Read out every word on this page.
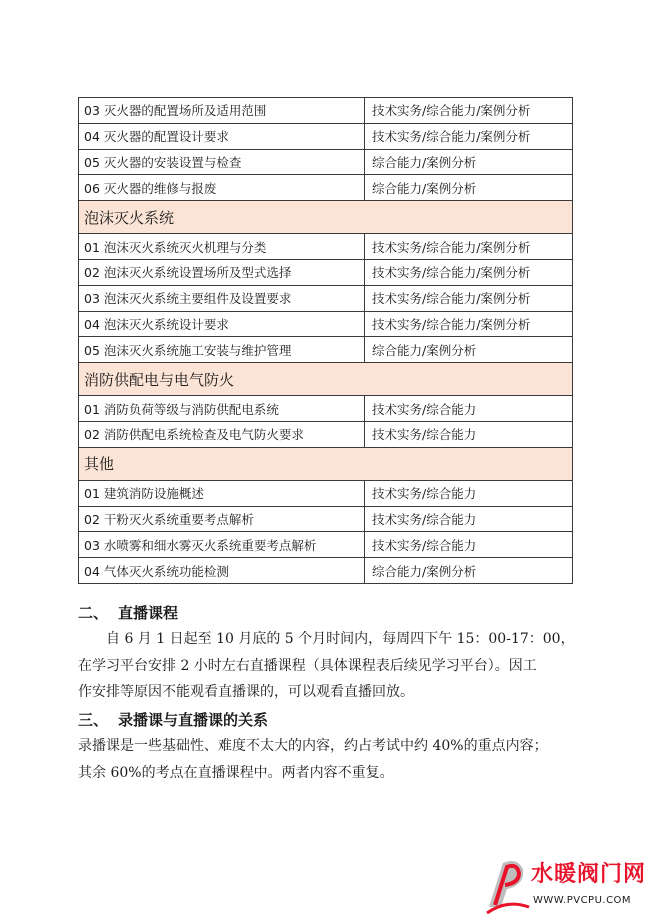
03 灭火器的配置场所及适用范围	技术实务/综合能力/案例分析
04 灭火器的配置设计要求	技术实务/综合能力/案例分析
05 灭火器的安装设置与检查	综合能力/案例分析
06 灭火器的维修与报废	综合能力/案例分析
泡沫灭火系统	
01 泡沫灭火系统灭火机理与分类	技术实务/综合能力/案例分析
02 泡沫灭火系统设置场所及型式选择	技术实务/综合能力/案例分析
03 泡沫灭火系统主要组件及设置要求	技术实务/综合能力/案例分析
04 泡沫灭火系统设计要求	技术实务/综合能力/案例分析
05 泡沫灭火系统施工安装与维护管理	综合能力/案例分析
消防供配电与电气防火	
01 消防负荷等级与消防供配电系统	技术实务/综合能力
02 消防供配电系统检查及电气防火要求	技术实务/综合能力
其他	
01 建筑消防设施概述	技术实务/综合能力
02 干粉灭火系统重要考点解析	技术实务/综合能力
03 水喷雾和细水雾灭火系统重要考点解析	技术实务/综合能力
04 气体灭火系统功能检测	综合能力/案例分析
二、 直播课程

自 6 月 1 日起至 10 月底的 5 个月时间内，每周四下午 15：00-17：00，

在学习平台安排 2 小时左右直播课程（具体课程表后续见学习平台）。因工

作安排等原因不能观看直播课的，可以观看直播回放。

三、 录播课与直播课的关系

录播课是一些基础性、难度不太大的内容，约占考试中约 40%的重点内容；

其余 60%的考点在直播课程中。两者内容不重复。

水暖阀门网
WWW.PVCPU.COM
